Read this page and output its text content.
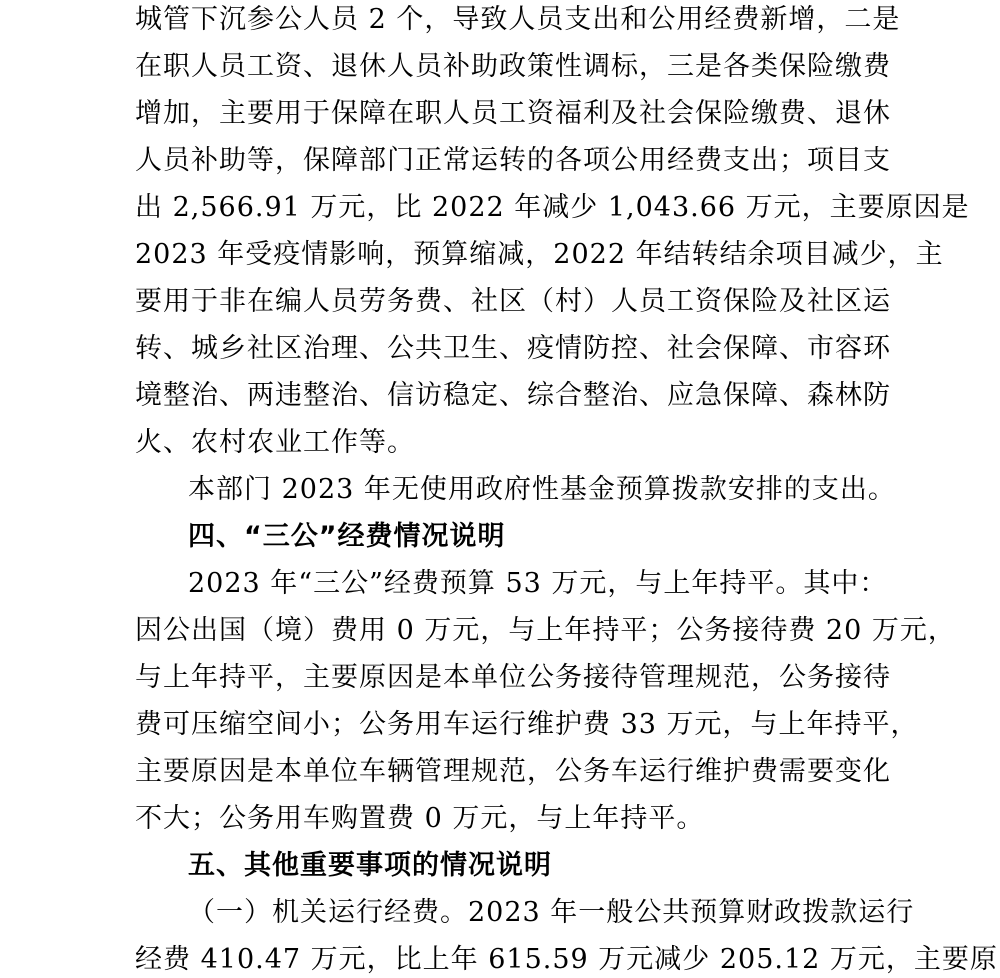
城管下沉参公人员 2 个，导致人员支出和公用经费新增，二是
在职人员工资、退休人员补助政策性调标，三是各类保险缴费
增加，主要用于保障在职人员工资福利及社会保险缴费、退休
人员补助等，保障部门正常运转的各项公用经费支出；项目支
出 2,566.91 万元，比 2022 年减少 1,043.66 万元，主要原因是
2023 年受疫情影响，预算缩减，2022 年结转结余项目减少，主
要用于非在编人员劳务费、社区（村）人员工资保险及社区运
转、城乡社区治理、公共卫生、疫情防控、社会保障、市容环
境整治、两违整治、信访稳定、综合整治、应急保障、森林防
火、农村农业工作等。
本部门 2023 年无使用政府性基金预算拨款安排的支出。
四、“三公”经费情况说明
2023 年“三公”经费预算 53 万元，与上年持平。其中：
因公出国（境）费用 0 万元，与上年持平；公务接待费 20 万元，
与上年持平，主要原因是本单位公务接待管理规范，公务接待
费可压缩空间小；公务用车运行维护费 33 万元，与上年持平，
主要原因是本单位车辆管理规范，公务车运行维护费需要变化
不大；公务用车购置费 0 万元，与上年持平。
五、其他重要事项的情况说明
（一）机关运行经费。2023 年一般公共预算财政拨款运行
经费 410.47 万元，比上年 615.59 万元减少 205.12 万元，主要原
